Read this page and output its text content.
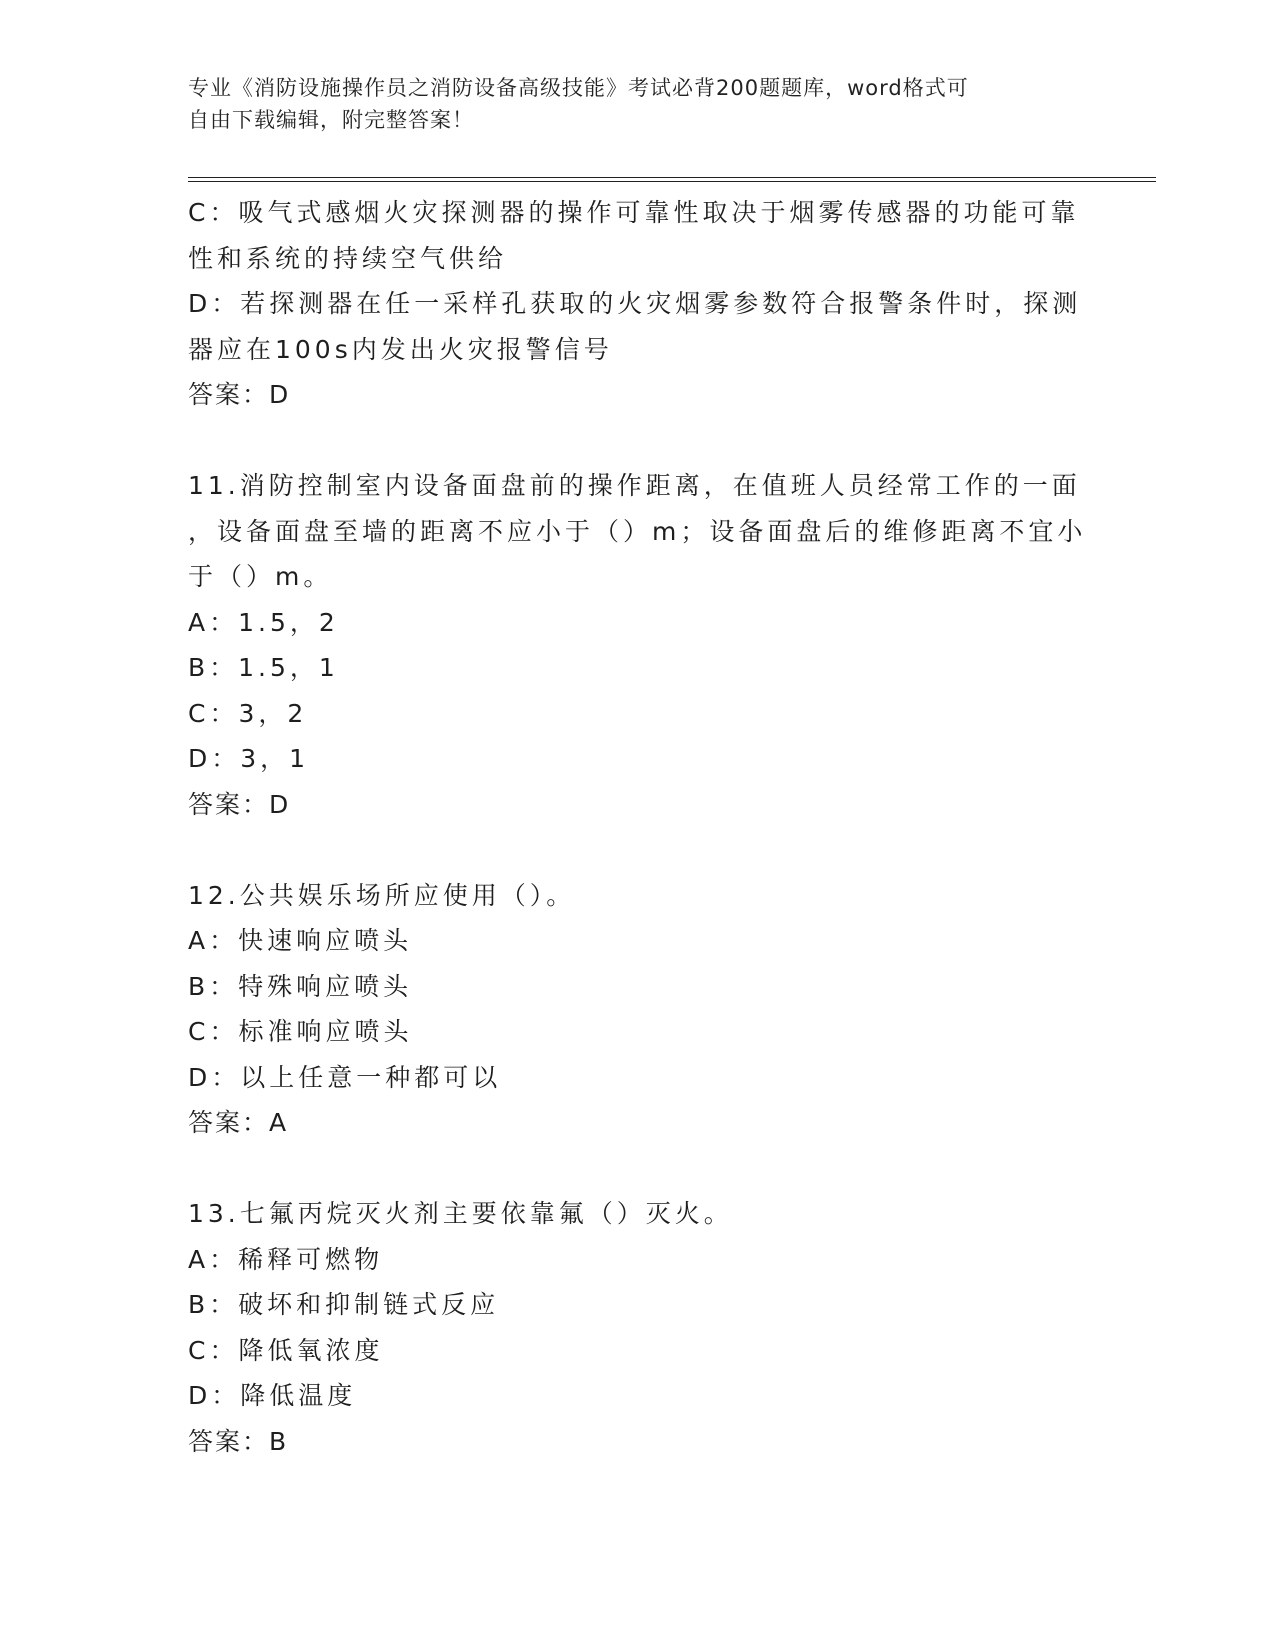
专业《消防设施操作员之消防设备高级技能》考试必背200题题库，word格式可
自由下载编辑，附完整答案！
C：吸气式感烟火灾探测器的操作可靠性取决于烟雾传感器的功能可靠
性和系统的持续空气供给
D：若探测器在任一采样孔获取的火灾烟雾参数符合报警条件时，探测
器应在100s内发出火灾报警信号
答案：D
11.消防控制室内设备面盘前的操作距离，在值班人员经常工作的一面
，设备面盘至墙的距离不应小于（）m；设备面盘后的维修距离不宜小
于（）m。
A：1.5，2
B：1.5，1
C：3，2
D：3，1
答案：D
12.公共娱乐场所应使用（）。
A：快速响应喷头
B：特殊响应喷头
C：标准响应喷头
D：以上任意一种都可以
答案：A
13.七氟丙烷灭火剂主要依靠氟（）灭火。
A：稀释可燃物
B：破坏和抑制链式反应
C：降低氧浓度
D：降低温度
答案：B
